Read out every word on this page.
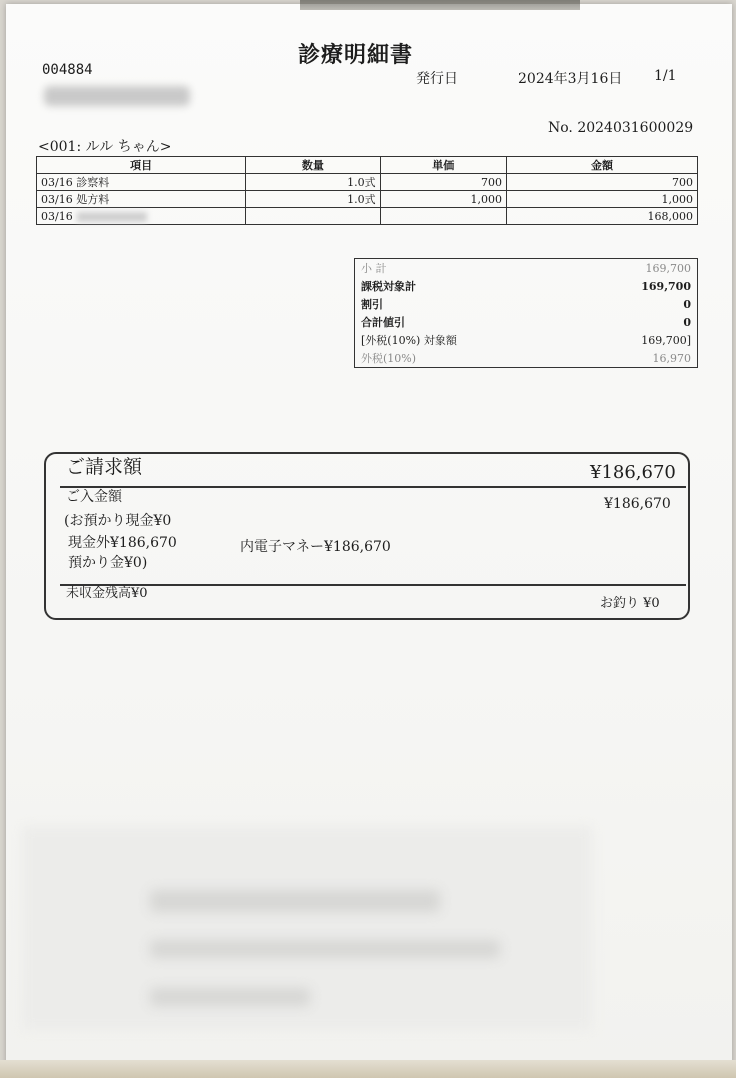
診療明細書
004884
発行日	2024年3月16日 1/1
No. 2024031600029
<001: ルル ちゃん>
項目	数量	単価	金額
03/16 診察料	1.0式	700	700
03/16 処方料	1.0式	1,000	1,000
03/16			168,000
小 計	169,700
課税対象計	169,700
割引	0
合計値引	0
[外税(10%) 対象額	169,700]
外税(10%)	16,970
ご請求額	¥186,670
ご入金額	¥186,670
(お預かり現金¥0
現金外¥186,670
預かり金¥0)
内電子マネー¥186,670
未収金残高¥0
お釣り ¥0
